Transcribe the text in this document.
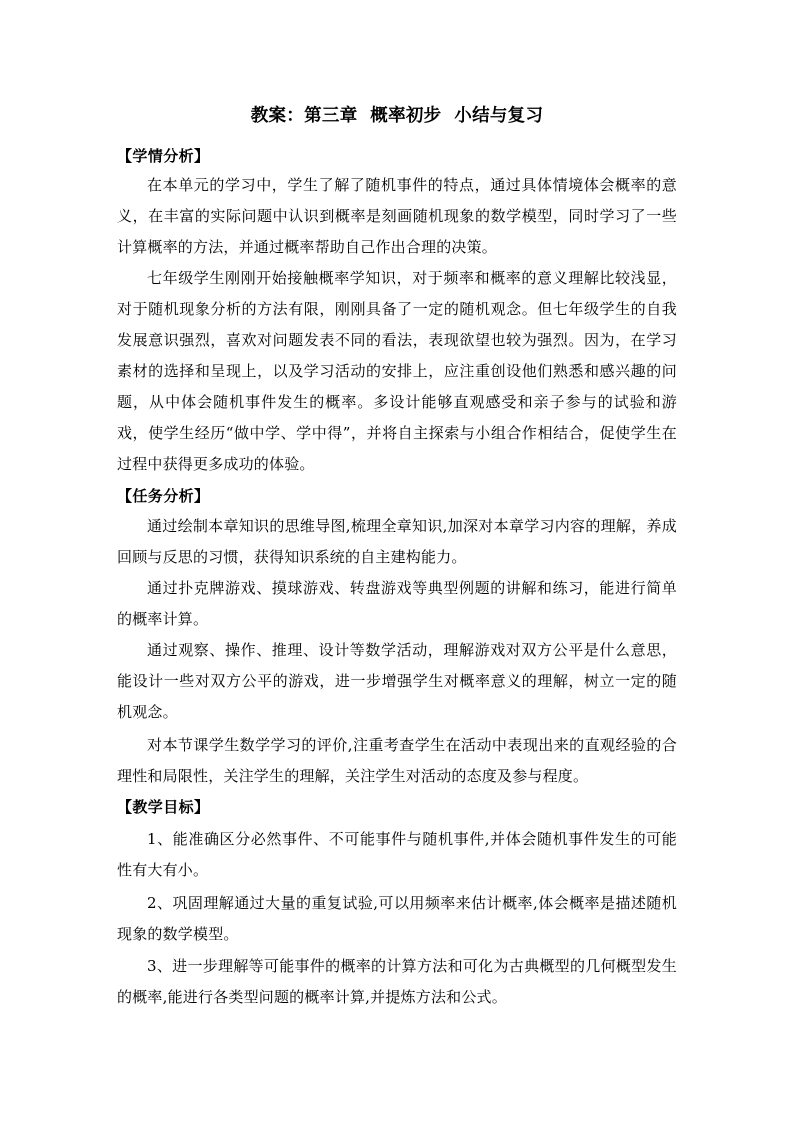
教案：第三章  概率初步  小结与复习
【学情分析】
在本单元的学习中，学生了解了随机事件的特点，通过具体情境体会概率的意义，在丰富的实际问题中认识到概率是刻画随机现象的数学模型，同时学习了一些计算概率的方法，并通过概率帮助自己作出合理的决策。
七年级学生刚刚开始接触概率学知识，对于频率和概率的意义理解比较浅显，对于随机现象分析的方法有限，刚刚具备了一定的随机观念。但七年级学生的自我发展意识强烈，喜欢对问题发表不同的看法，表现欲望也较为强烈。因为，在学习素材的选择和呈现上，以及学习活动的安排上，应注重创设他们熟悉和感兴趣的问题，从中体会随机事件发生的概率。多设计能够直观感受和亲子参与的试验和游戏，使学生经历“做中学、学中得”，并将自主探索与小组合作相结合，促使学生在过程中获得更多成功的体验。
【任务分析】
通过绘制本章知识的思维导图,梳理全章知识,加深对本章学习内容的理解，养成回顾与反思的习惯，获得知识系统的自主建构能力。
通过扑克牌游戏、摸球游戏、转盘游戏等典型例题的讲解和练习，能进行简单的概率计算。
通过观察、操作、推理、设计等数学活动，理解游戏对双方公平是什么意思，能设计一些对双方公平的游戏，进一步增强学生对概率意义的理解，树立一定的随机观念。
对本节课学生数学学习的评价,注重考查学生在活动中表现出来的直观经验的合理性和局限性，关注学生的理解，关注学生对活动的态度及参与程度。
【教学目标】
1、能准确区分必然事件、不可能事件与随机事件,并体会随机事件发生的可能性有大有小。
2、巩固理解通过大量的重复试验,可以用频率来估计概率,体会概率是描述随机现象的数学模型。
3、进一步理解等可能事件的概率的计算方法和可化为古典概型的几何概型发生的概率,能进行各类型问题的概率计算,并提炼方法和公式。
